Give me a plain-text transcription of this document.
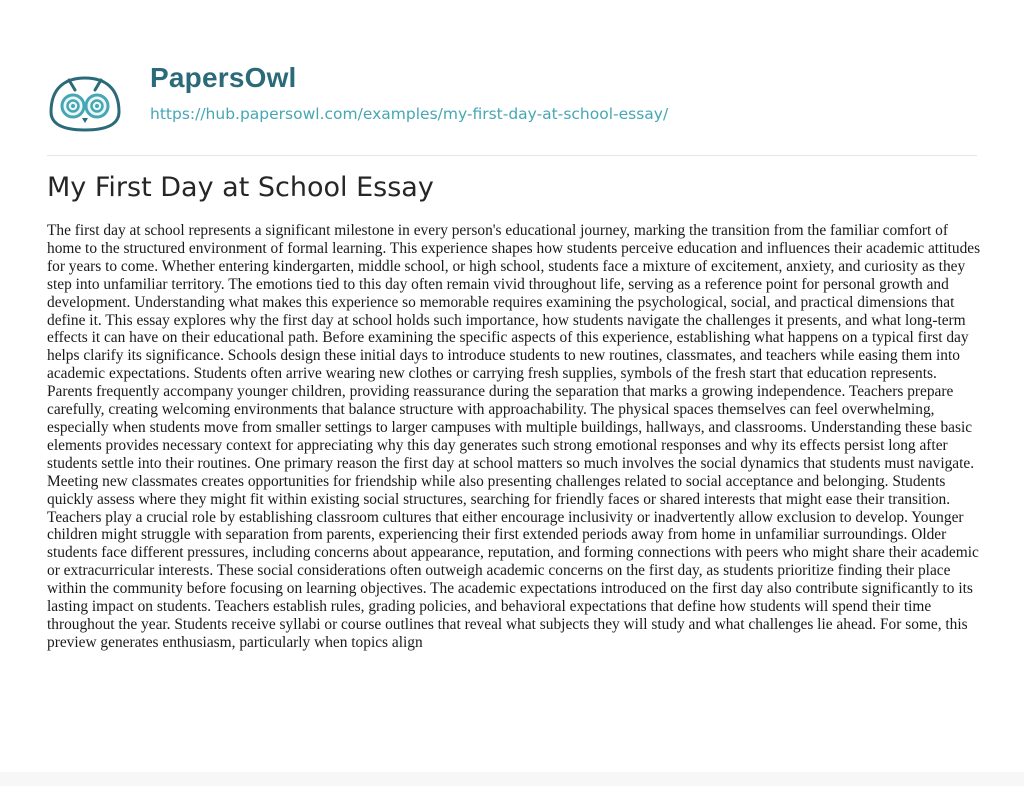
PapersOwl
https://hub.papersowl.com/examples/my-first-day-at-school-essay/
My First Day at School Essay

The first day at school represents a significant milestone in every person's educational journey, marking the transition from the familiar comfort of home to the structured environment of formal learning. This experience shapes how students perceive education and influences their academic attitudes for years to come. Whether entering kindergarten, middle school, or high school, students face a mixture of excitement, anxiety, and curiosity as they step into unfamiliar territory. The emotions tied to this day often remain vivid throughout life, serving as a reference point for personal growth and development. Understanding what makes this experience so memorable requires examining the psychological, social, and practical dimensions that define it. This essay explores why the first day at school holds such importance, how students navigate the challenges it presents, and what long-term effects it can have on their educational path. Before examining the specific aspects of this experience, establishing what happens on a typical first day helps clarify its significance. Schools design these initial days to introduce students to new routines, classmates, and teachers while easing them into academic expectations. Students often arrive wearing new clothes or carrying fresh supplies, symbols of the fresh start that education represents. Parents frequently accompany younger children, providing reassurance during the separation that marks a growing independence. Teachers prepare carefully, creating welcoming environments that balance structure with approachability. The physical spaces themselves can feel overwhelming, especially when students move from smaller settings to larger campuses with multiple buildings, hallways, and classrooms. Understanding these basic elements provides necessary context for appreciating why this day generates such strong emotional responses and why its effects persist long after students settle into their routines. One primary reason the first day at school matters so much involves the social dynamics that students must navigate. Meeting new classmates creates opportunities for friendship while also presenting challenges related to social acceptance and belonging. Students quickly assess where they might fit within existing social structures, searching for friendly faces or shared interests that might ease their transition. Teachers play a crucial role by establishing classroom cultures that either encourage inclusivity or inadvertently allow exclusion to develop. Younger children might struggle with separation from parents, experiencing their first extended periods away from home in unfamiliar surroundings. Older students face different pressures, including concerns about appearance, reputation, and forming connections with peers who might share their academic or extracurricular interests. These social considerations often outweigh academic concerns on the first day, as students prioritize finding their place within the community before focusing on learning objectives. The academic expectations introduced on the first day also contribute significantly to its lasting impact on students. Teachers establish rules, grading policies, and behavioral expectations that define how students will spend their time throughout the year. Students receive syllabi or course outlines that reveal what subjects they will study and what challenges lie ahead. For some, this preview generates enthusiasm, particularly when topics align
